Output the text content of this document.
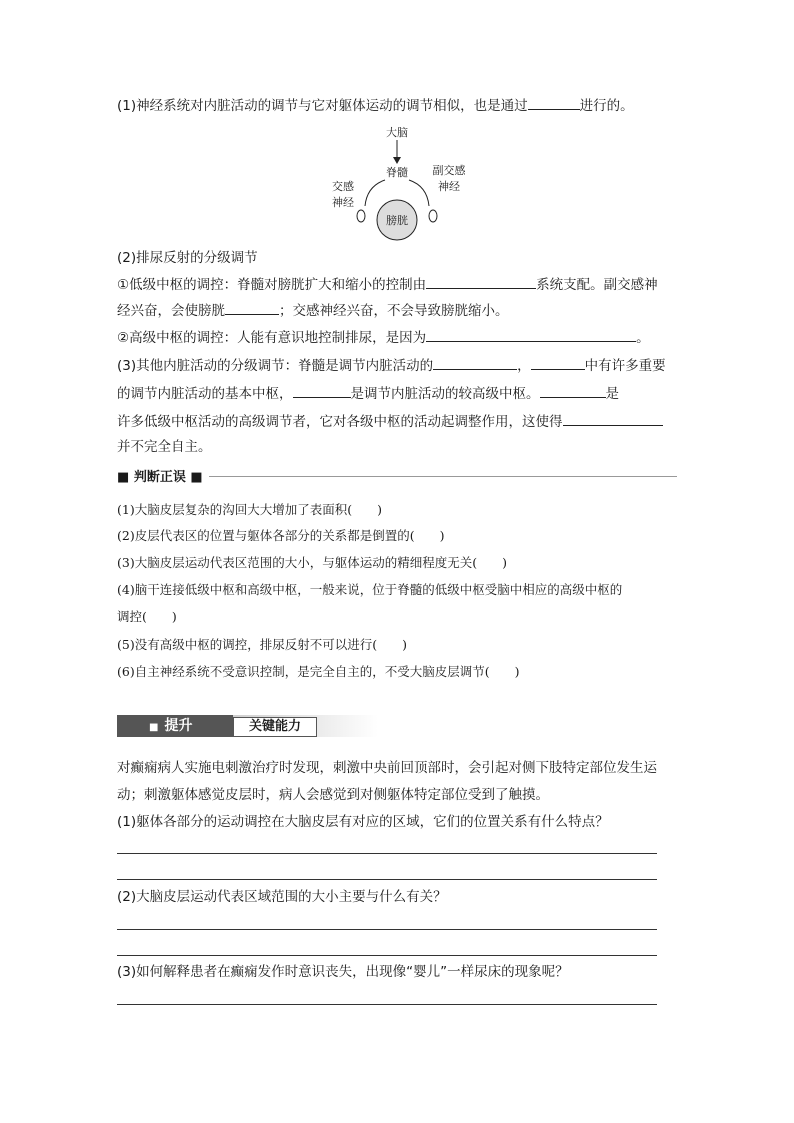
(1)神经系统对内脏活动的调节与它对躯体运动的调节相似，也是通过	进行的。
大脑
脊髓
交感
神经
副交感
神经
膀胱
(2)排尿反射的分级调节
①低级中枢的调控：脊髓对膀胱扩大和缩小的控制由	系统支配。副交感神
经兴奋，会使膀胱	；交感神经兴奋，不会导致膀胱缩小。
②高级中枢的调控：人能有意识地控制排尿，是因为	。
(3)其他内脏活动的分级调节：脊髓是调节内脏活动的	，	中有许多重要
的调节内脏活动的基本中枢，	是调节内脏活动的较高级中枢。	是
许多低级中枢活动的高级调节者，它对各级中枢的活动起调整作用，这使得
并不完全自主。
■ 判断正误 ■
(1)大脑皮层复杂的沟回大大增加了表面积(　　)
(2)皮层代表区的位置与躯体各部分的关系都是倒置的(　　)
(3)大脑皮层运动代表区范围的大小，与躯体运动的精细程度无关(　　)
(4)脑干连接低级中枢和高级中枢，一般来说，位于脊髓的低级中枢受脑中相应的高级中枢的
调控(　　)
(5)没有高级中枢的调控，排尿反射不可以进行(　　)
(6)自主神经系统不受意识控制，是完全自主的，不受大脑皮层调节(　　)
■ 提升	关键能力
对癫痫病人实施电刺激治疗时发现，刺激中央前回顶部时，会引起对侧下肢特定部位发生运
动；刺激躯体感觉皮层时，病人会感觉到对侧躯体特定部位受到了触摸。
(1)躯体各部分的运动调控在大脑皮层有对应的区域，它们的位置关系有什么特点？
(2)大脑皮层运动代表区域范围的大小主要与什么有关？
(3)如何解释患者在癫痫发作时意识丧失，出现像“婴儿”一样尿床的现象呢？
